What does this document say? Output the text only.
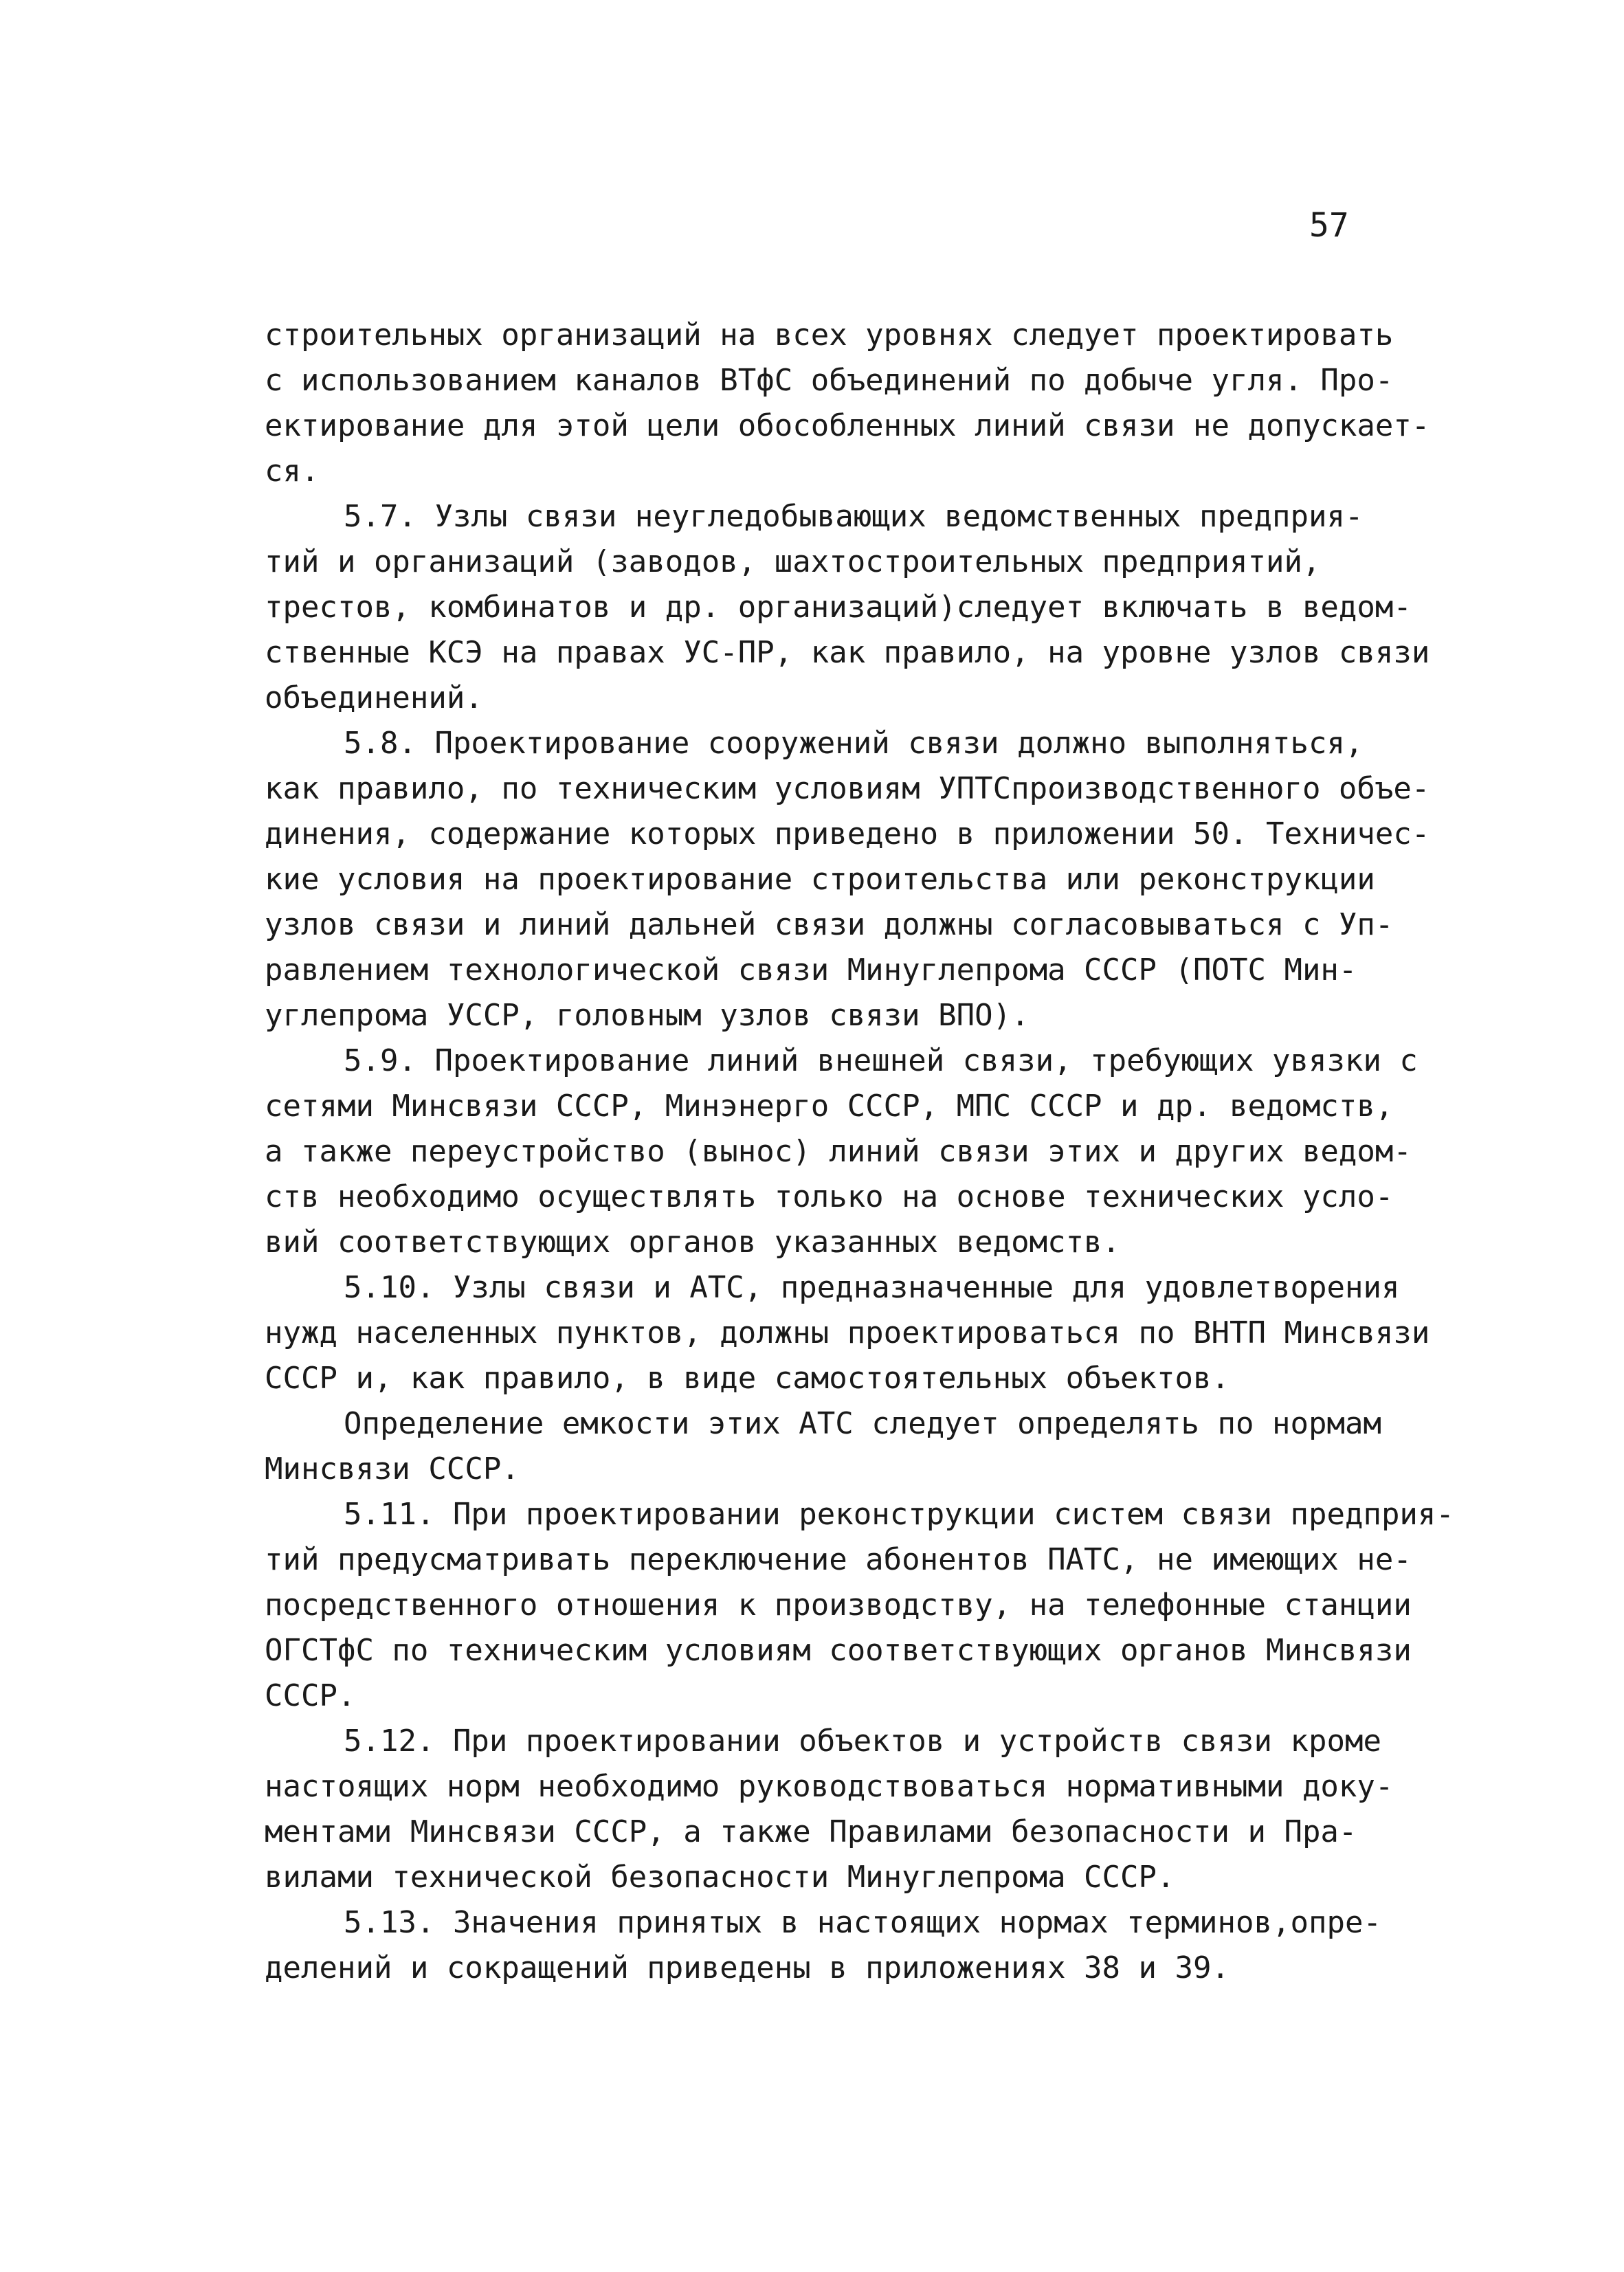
57
строительных организаций на всех уровнях следует проектировать
с использованием каналов ВТфС объединений по добыче угля. Про-
ектирование для этой цели обособленных линий связи не допускает-
ся.
5.7. Узлы связи неугледобывающих ведомственных предприя-
тий и организаций (заводов, шахтостроительных предприятий,
трестов, комбинатов и др. организаций)следует включать в ведом-
ственные КСЭ на правах УС-ПР, как правило, на уровне узлов связи
объединений.
5.8. Проектирование сооружений связи должно выполняться,
как правило, по техническим условиям УПТСпроизводственного объе-
динения, содержание которых приведено в приложении 50. Техничес-
кие условия на проектирование строительства или реконструкции
узлов связи и линий дальней связи должны согласовываться с Уп-
равлением технологической связи Минуглепрома СССР (ПОТС Мин-
углепрома УССР, головным узлов связи ВПО).
5.9. Проектирование линий внешней связи, требующих увязки с
сетями Минсвязи СССР, Минэнерго СССР, МПС СССР и др. ведомств,
а также переустройство (вынос) линий связи этих и других ведом-
ств необходимо осуществлять только на основе технических усло-
вий соответствующих органов указанных ведомств.
5.10. Узлы связи и АТС, предназначенные для удовлетворения
нужд населенных пунктов, должны проектироваться по ВНТП Минсвязи
СССР и, как правило, в виде самостоятельных объектов.
Определение емкости этих АТС следует определять по нормам
Минсвязи СССР.
5.11. При проектировании реконструкции систем связи предприя-
тий предусматривать переключение абонентов ПАТС, не имеющих не-
посредственного отношения к производству, на телефонные станции
ОГСТфС по техническим условиям соответствующих органов Минсвязи
СССР.
5.12. При проектировании объектов и устройств связи кроме
настоящих норм необходимо руководствоваться нормативными доку-
ментами Минсвязи СССР, а также Правилами безопасности и Пра-
вилами технической безопасности Минуглепрома СССР.
5.13. Значения принятых в настоящих нормах терминов,опре-
делений и сокращений приведены в приложениях 38 и 39.
